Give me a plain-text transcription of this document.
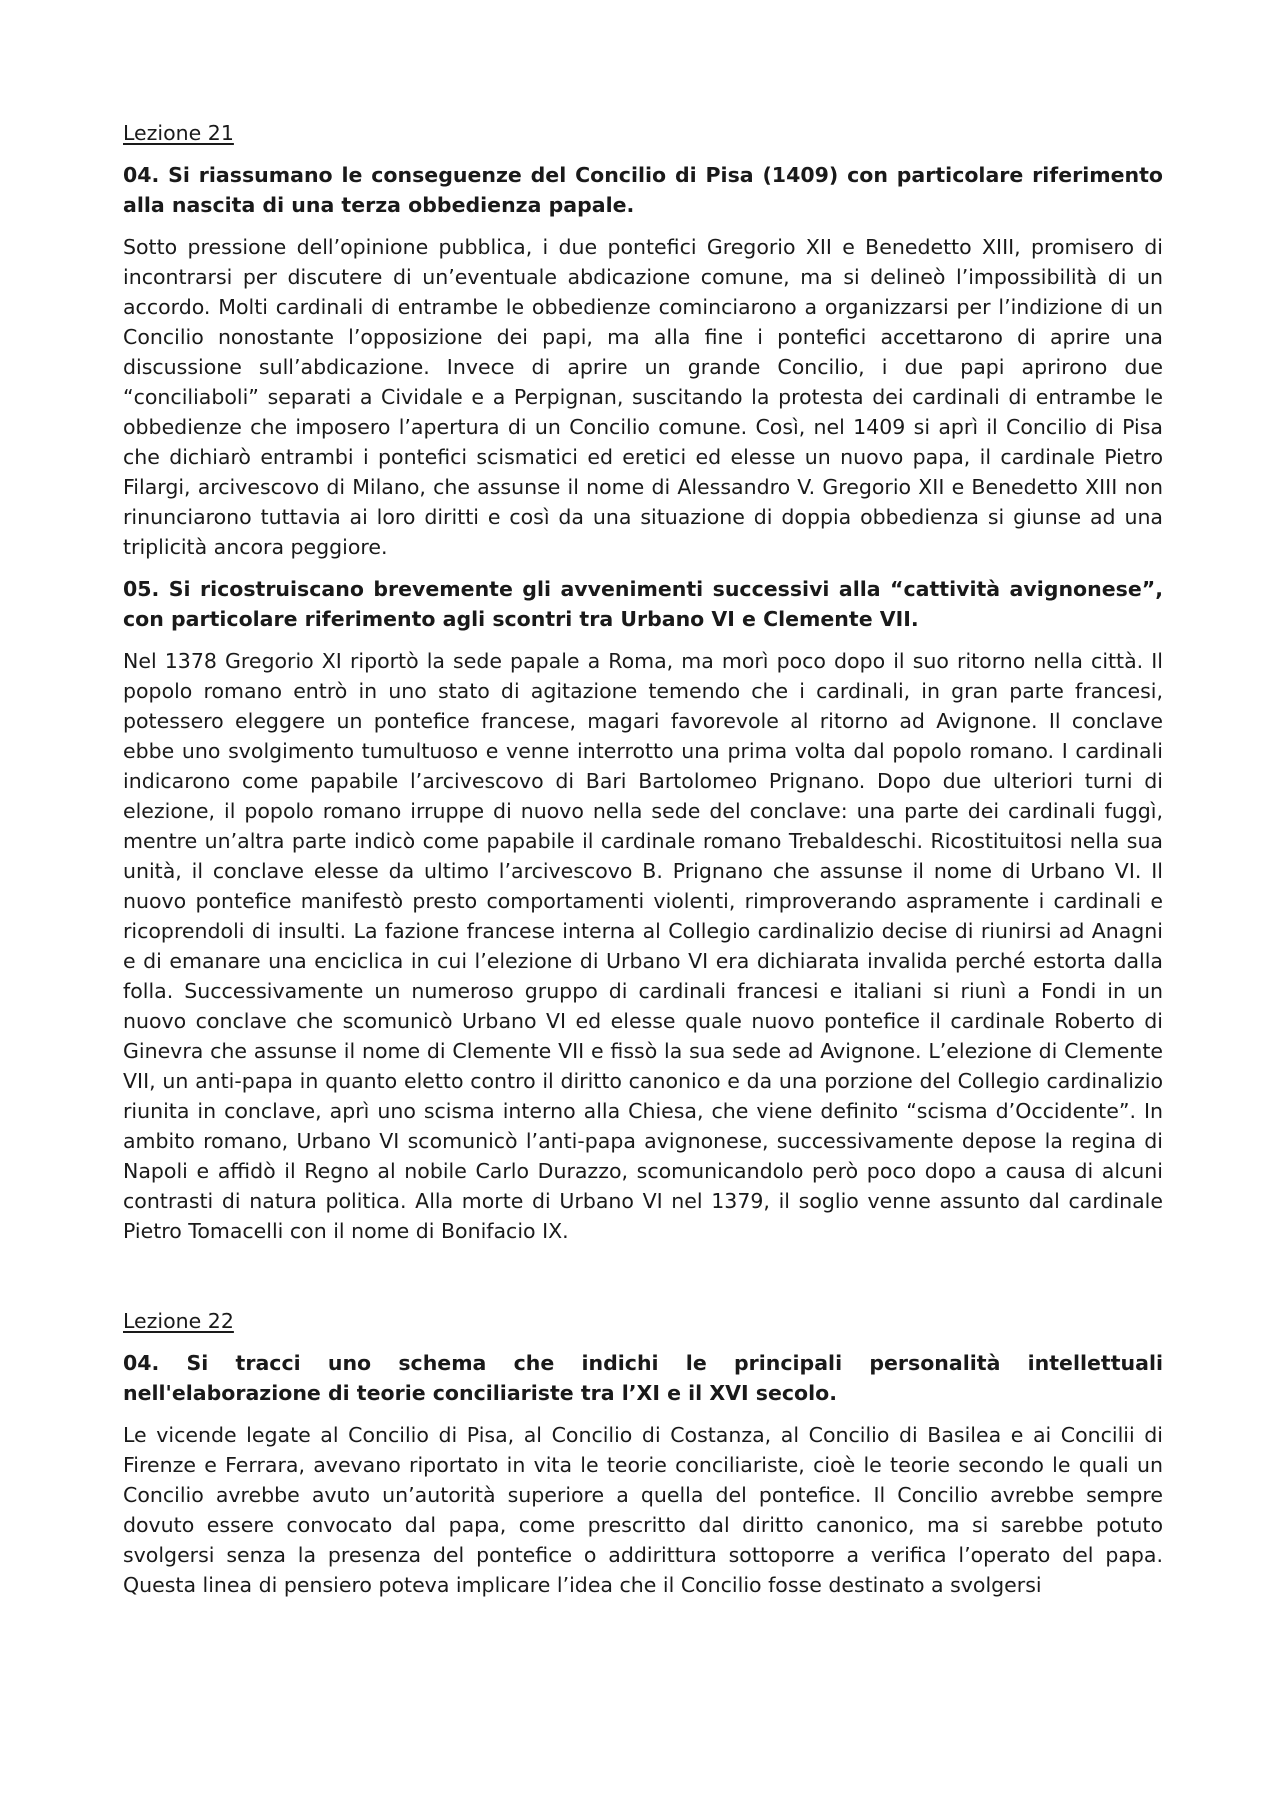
Lezione 21
04. Si riassumano le conseguenze del Concilio di Pisa (1409) con particolare riferimento alla nascita di una terza obbedienza papale.
Sotto pressione dell’opinione pubblica, i due pontefici Gregorio XII e Benedetto XIII, promisero di incontrarsi per discutere di un’eventuale abdicazione comune, ma si delineò l’impossibilità di un accordo. Molti cardinali di entrambe le obbedienze cominciarono a organizzarsi per l’indizione di un Concilio nonostante l’opposizione dei papi, ma alla fine i pontefici accettarono di aprire una discussione sull’abdicazione. Invece di aprire un grande Concilio, i due papi aprirono due “conciliaboli” separati a Cividale e a Perpignan, suscitando la protesta dei cardinali di entrambe le obbedienze che imposero l’apertura di un Concilio comune. Così, nel 1409 si aprì il Concilio di Pisa che dichiarò entrambi i pontefici scismatici ed eretici ed elesse un nuovo papa, il cardinale Pietro Filargi, arcivescovo di Milano, che assunse il nome di Alessandro V. Gregorio XII e Benedetto XIII non rinunciarono tuttavia ai loro diritti e così da una situazione di doppia obbedienza si giunse ad una triplicità ancora peggiore.
05. Si ricostruiscano brevemente gli avvenimenti successivi alla “cattività avignonese”, con particolare riferimento agli scontri tra Urbano VI e Clemente VII.
Nel 1378 Gregorio XI riportò la sede papale a Roma, ma morì poco dopo il suo ritorno nella città. Il popolo romano entrò in uno stato di agitazione temendo che i cardinali, in gran parte francesi, potessero eleggere un pontefice francese, magari favorevole al ritorno ad Avignone. Il conclave ebbe uno svolgimento tumultuoso e venne interrotto una prima volta dal popolo romano. I cardinali indicarono come papabile l’arcivescovo di Bari Bartolomeo Prignano. Dopo due ulteriori turni di elezione, il popolo romano irruppe di nuovo nella sede del conclave: una parte dei cardinali fuggì, mentre un’altra parte indicò come papabile il cardinale romano Trebaldeschi. Ricostituitosi nella sua unità, il conclave elesse da ultimo l’arcivescovo B. Prignano che assunse il nome di Urbano VI. Il nuovo pontefice manifestò presto comportamenti violenti, rimproverando aspramente i cardinali e ricoprendoli di insulti. La fazione francese interna al Collegio cardinalizio decise di riunirsi ad Anagni e di emanare una enciclica in cui l’elezione di Urbano VI era dichiarata invalida perché estorta dalla folla. Successivamente un numeroso gruppo di cardinali francesi e italiani si riunì a Fondi in un nuovo conclave che scomunicò Urbano VI ed elesse quale nuovo pontefice il cardinale Roberto di Ginevra che assunse il nome di Clemente VII e fissò la sua sede ad Avignone. L’elezione di Clemente VII, un anti-papa in quanto eletto contro il diritto canonico e da una porzione del Collegio cardinalizio riunita in conclave, aprì uno scisma interno alla Chiesa, che viene definito “scisma d’Occidente”. In ambito romano, Urbano VI scomunicò l’anti-papa avignonese, successivamente depose la regina di Napoli e affidò il Regno al nobile Carlo Durazzo, scomunicandolo però poco dopo a causa di alcuni contrasti di natura politica. Alla morte di Urbano VI nel 1379, il soglio venne assunto dal cardinale Pietro Tomacelli con il nome di Bonifacio IX.
Lezione 22
04. Si tracci uno schema che indichi le principali personalità intellettuali nell'elaborazione di teorie conciliariste tra l’XI e il XVI secolo.
Le vicende legate al Concilio di Pisa, al Concilio di Costanza, al Concilio di Basilea e ai Concilii di Firenze e Ferrara, avevano riportato in vita le teorie conciliariste, cioè le teorie secondo le quali un Concilio avrebbe avuto un’autorità superiore a quella del pontefice. Il Concilio avrebbe sempre dovuto essere convocato dal papa, come prescritto dal diritto canonico, ma si sarebbe potuto svolgersi senza la presenza del pontefice o addirittura sottoporre a verifica l’operato del papa. Questa linea di pensiero poteva implicare l’idea che il Concilio fosse destinato a svolgersi
